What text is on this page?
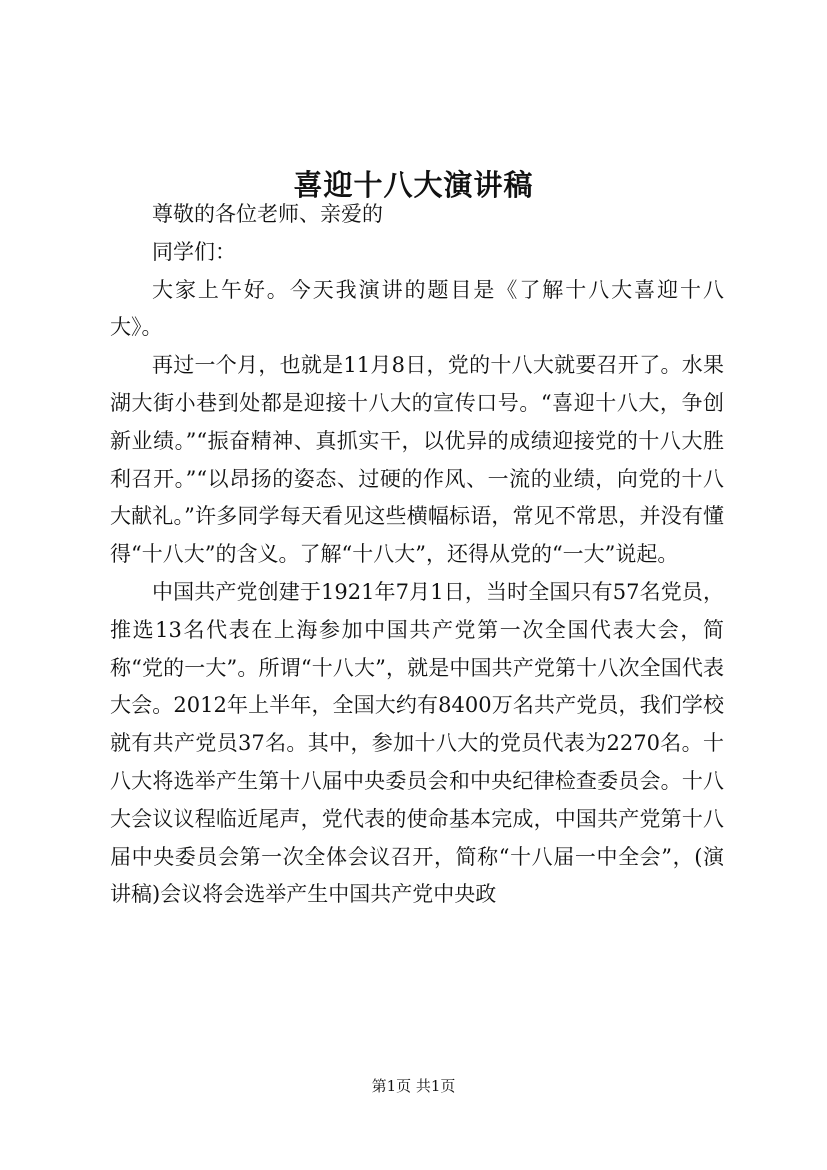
喜迎十八大演讲稿

尊敬的各位老师、亲爱的

同学们：

大家上午好。今天我演讲的题目是《了解十八大喜迎十八大》。

再过一个月，也就是11月8日，党的十八大就要召开了。水果湖大街小巷到处都是迎接十八大的宣传口号。“喜迎十八大，争创新业绩。”“振奋精神、真抓实干，以优异的成绩迎接党的十八大胜利召开。”“以昂扬的姿态、过硬的作风、一流的业绩，向党的十八大献礼。”许多同学每天看见这些横幅标语，常见不常思，并没有懂得“十八大”的含义。了解“十八大”，还得从党的“一大”说起。

中国共产党创建于1921年7月1日，当时全国只有57名党员，推选13名代表在上海参加中国共产党第一次全国代表大会，简称“党的一大”。所谓“十八大”，就是中国共产党第十八次全国代表大会。2012年上半年，全国大约有8400万名共产党员，我们学校就有共产党员37名。其中，参加十八大的党员代表为2270名。十八大将选举产生第十八届中央委员会和中央纪律检查委员会。十八大会议议程临近尾声，党代表的使命基本完成，中国共产党第十八届中央委员会第一次全体会议召开，简称“十八届一中全会”，(演讲稿)会议将会选举产生中国共产党中央政

第1页 共1页
